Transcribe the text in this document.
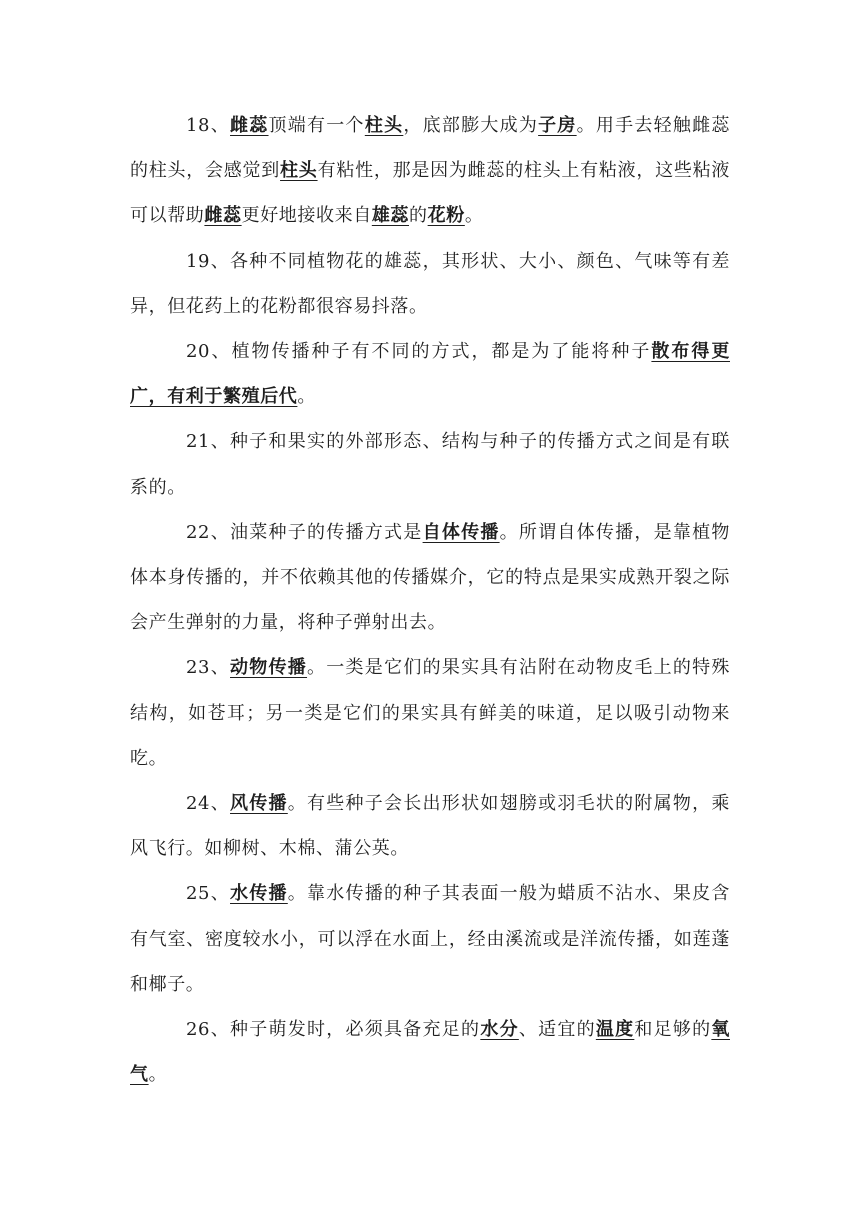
18、雌蕊顶端有一个柱头，底部膨大成为子房。用手去轻触雌蕊的柱头，会感觉到柱头有粘性，那是因为雌蕊的柱头上有粘液，这些粘液可以帮助雌蕊更好地接收来自雄蕊的花粉。

19、各种不同植物花的雄蕊，其形状、大小、颜色、气味等有差异，但花药上的花粉都很容易抖落。

20、植物传播种子有不同的方式，都是为了能将种子散布得更广，有利于繁殖后代。

21、种子和果实的外部形态、结构与种子的传播方式之间是有联系的。

22、油菜种子的传播方式是自体传播。所谓自体传播，是靠植物体本身传播的，并不依赖其他的传播媒介，它的特点是果实成熟开裂之际会产生弹射的力量，将种子弹射出去。

23、动物传播。一类是它们的果实具有沾附在动物皮毛上的特殊结构，如苍耳；另一类是它们的果实具有鲜美的味道，足以吸引动物来吃。

24、风传播。有些种子会长出形状如翅膀或羽毛状的附属物，乘风飞行。如柳树、木棉、蒲公英。

25、水传播。靠水传播的种子其表面一般为蜡质不沾水、果皮含有气室、密度较水小，可以浮在水面上，经由溪流或是洋流传播，如莲蓬和椰子。

26、种子萌发时，必须具备充足的水分、适宜的温度和足够的氧气。
